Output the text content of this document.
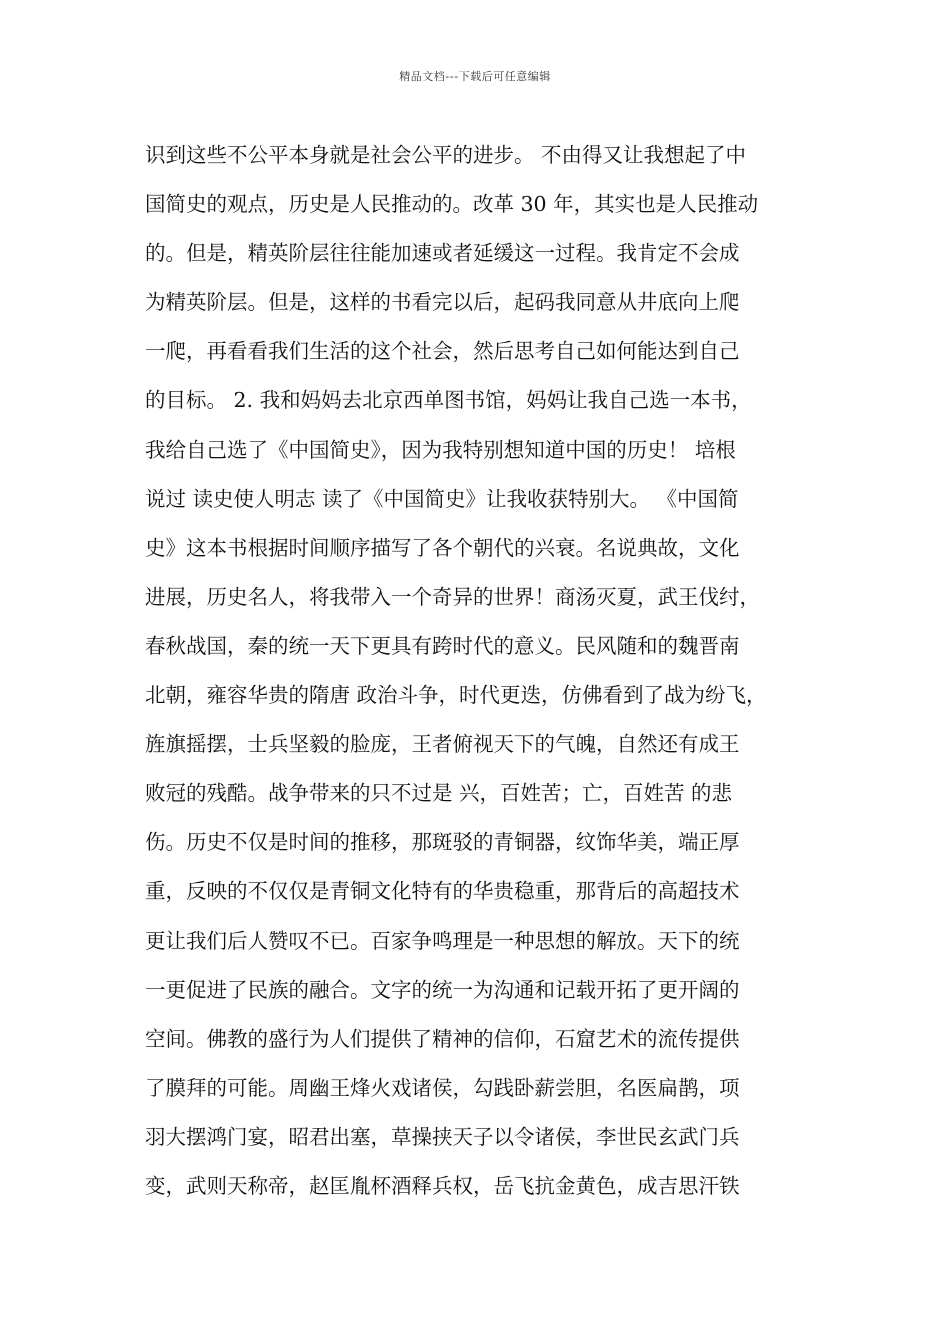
精品文档---下载后可任意编辑
识到这些不公平本身就是社会公平的进步。 不由得又让我想起了中
国简史的观点，历史是人民推动的。改革 30 年，其实也是人民推动
的。但是，精英阶层往往能加速或者延缓这一过程。我肯定不会成
为精英阶层。但是，这样的书看完以后，起码我同意从井底向上爬
一爬，再看看我们生活的这个社会，然后思考自己如何能达到自己
的目标。 2. 我和妈妈去北京西单图书馆，妈妈让我自己选一本书，
我给自己选了《中国简史》，因为我特别想知道中国的历史！ 培根
说过 读史使人明志 读了《中国简史》让我收获特别大。 《中国简
史》这本书根据时间顺序描写了各个朝代的兴衰。名说典故，文化
进展，历史名人，将我带入一个奇异的世界！商汤灭夏，武王伐纣，
春秋战国，秦的统一天下更具有跨时代的意义。民风随和的魏晋南
北朝，雍容华贵的隋唐 政治斗争，时代更迭，仿佛看到了战为纷飞，
旌旗摇摆，士兵坚毅的脸庞，王者俯视天下的气魄，自然还有成王
败冠的残酷。战争带来的只不过是 兴，百姓苦；亡，百姓苦 的悲
伤。历史不仅是时间的推移，那斑驳的青铜器，纹饰华美，端正厚
重，反映的不仅仅是青铜文化特有的华贵稳重，那背后的高超技术
更让我们后人赞叹不已。百家争鸣理是一种思想的解放。天下的统
一更促进了民族的融合。文字的统一为沟通和记载开拓了更开阔的
空间。佛教的盛行为人们提供了精神的信仰，石窟艺术的流传提供
了膜拜的可能。周幽王烽火戏诸侯，勾践卧薪尝胆，名医扁鹊，项
羽大摆鸿门宴，昭君出塞，草操挟天子以令诸侯，李世民玄武门兵
变，武则天称帝，赵匡胤杯酒释兵权，岳飞抗金黄色，成吉思汗铁
